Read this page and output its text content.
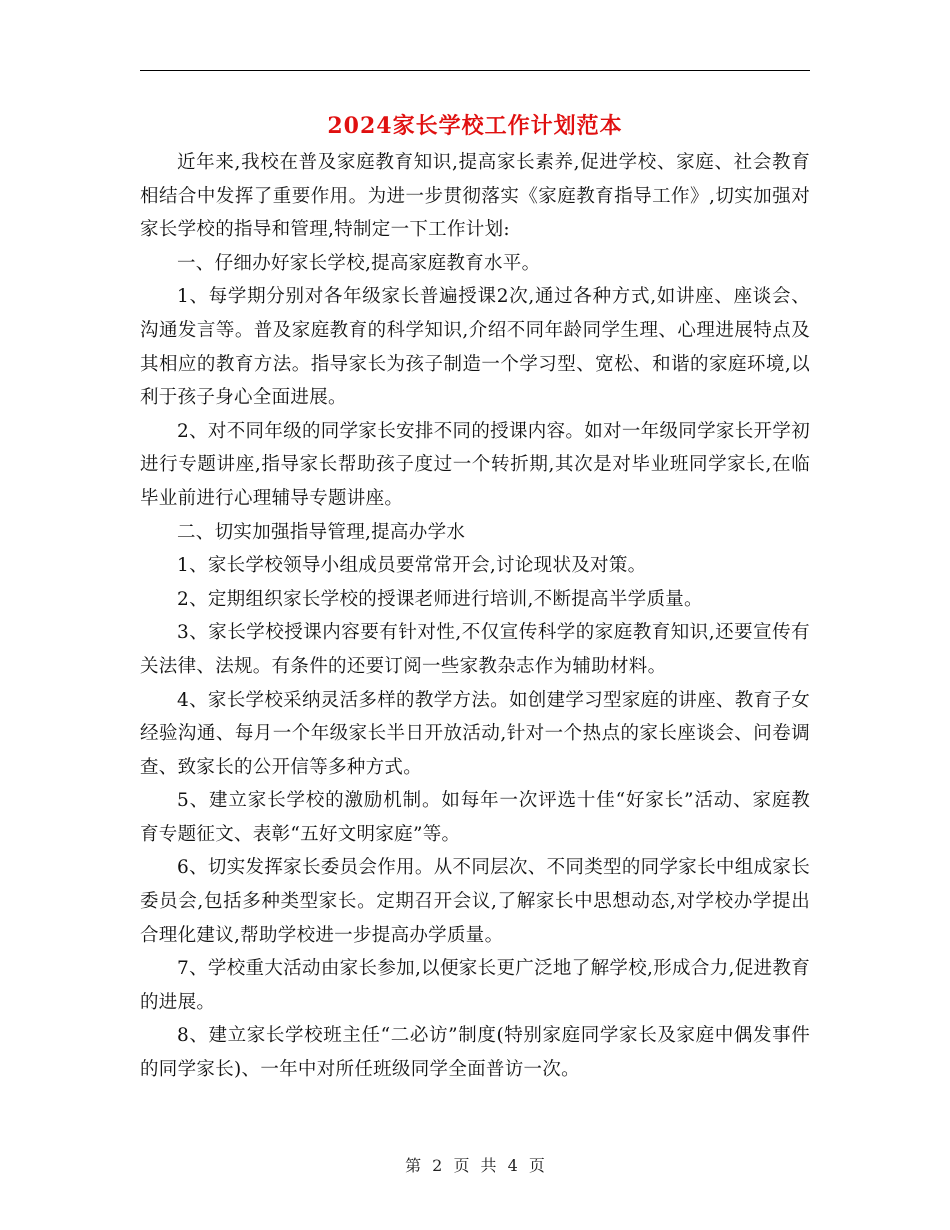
2024家长学校工作计划范本

近年来,我校在普及家庭教育知识,提高家长素养,促进学校、家庭、社会教育相结合中发挥了重要作用。为进一步贯彻落实《家庭教育指导工作》,切实加强对家长学校的指导和管理,特制定一下工作计划:

一、仔细办好家长学校,提高家庭教育水平。

1、每学期分别对各年级家长普遍授课2次,通过各种方式,如讲座、座谈会、沟通发言等。普及家庭教育的科学知识,介绍不同年龄同学生理、心理进展特点及其相应的教育方法。指导家长为孩子制造一个学习型、宽松、和谐的家庭环境,以利于孩子身心全面进展。

2、对不同年级的同学家长安排不同的授课内容。如对一年级同学家长开学初进行专题讲座,指导家长帮助孩子度过一个转折期,其次是对毕业班同学家长,在临毕业前进行心理辅导专题讲座。

二、切实加强指导管理,提高办学水

1、家长学校领导小组成员要常常开会,讨论现状及对策。

2、定期组织家长学校的授课老师进行培训,不断提高半学质量。

3、家长学校授课内容要有针对性,不仅宣传科学的家庭教育知识,还要宣传有关法律、法规。有条件的还要订阅一些家教杂志作为辅助材料。

4、家长学校采纳灵活多样的教学方法。如创建学习型家庭的讲座、教育子女经验沟通、每月一个年级家长半日开放活动,针对一个热点的家长座谈会、问卷调查、致家长的公开信等多种方式。

5、建立家长学校的激励机制。如每年一次评选十佳“好家长”活动、家庭教育专题征文、表彰“五好文明家庭”等。

6、切实发挥家长委员会作用。从不同层次、不同类型的同学家长中组成家长委员会,包括多种类型家长。定期召开会议,了解家长中思想动态,对学校办学提出合理化建议,帮助学校进一步提高办学质量。

7、学校重大活动由家长参加,以便家长更广泛地了解学校,形成合力,促进教育的进展。

8、建立家长学校班主任“二必访”制度(特别家庭同学家长及家庭中偶发事件的同学家长)、一年中对所任班级同学全面普访一次。

第 2 页 共 4 页
